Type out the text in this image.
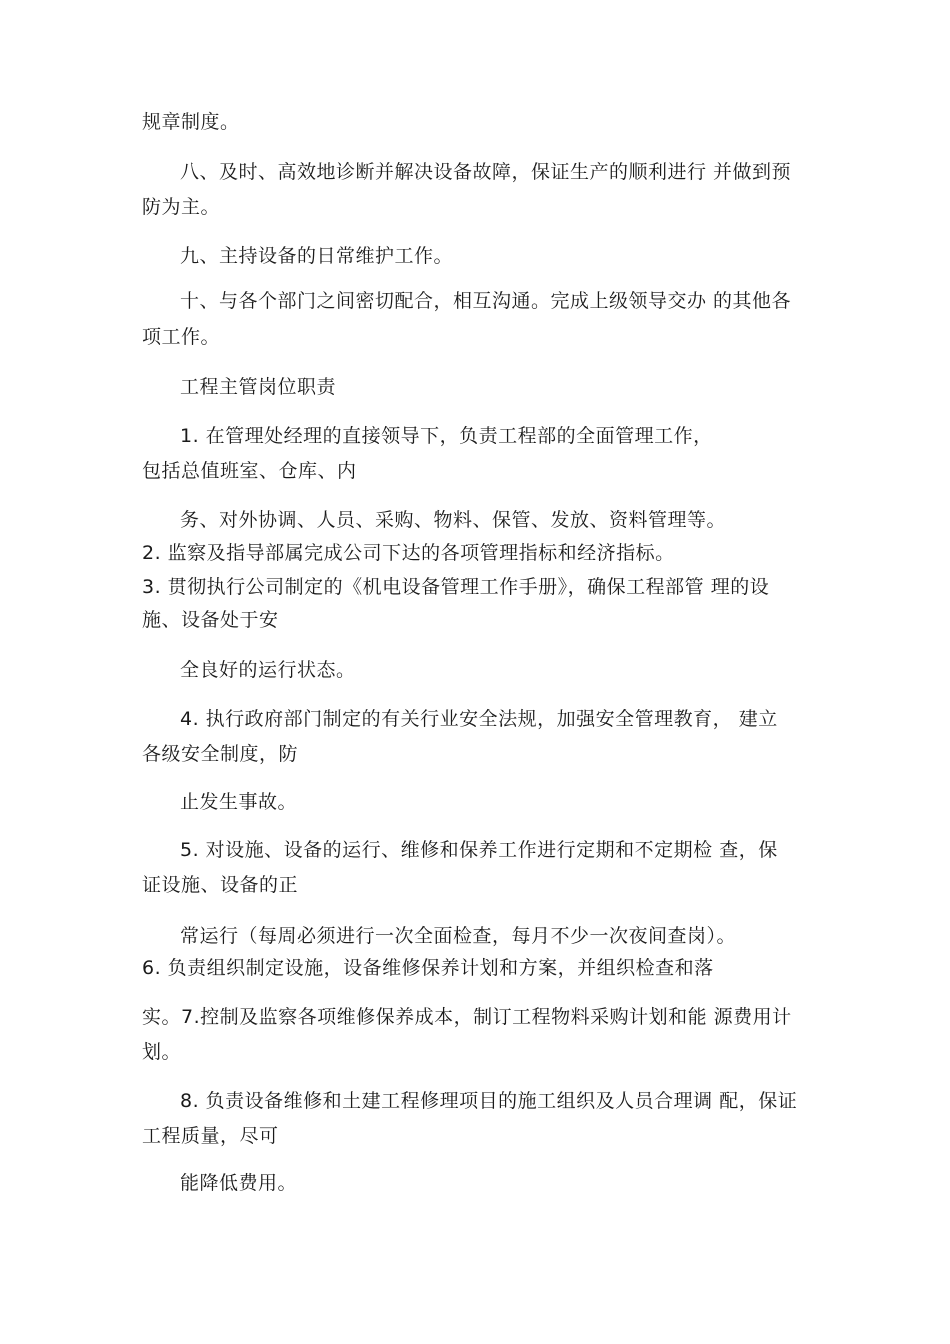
规章制度。
八、及时、高效地诊断并解决设备故障，保证生产的顺利进行 并做到预
防为主。
九、主持设备的日常维护工作。
十、与各个部门之间密切配合，相互沟通。完成上级领导交办 的其他各
项工作。
工程主管岗位职责
1. 在管理处经理的直接领导下，负责工程部的全面管理工作，
包括总值班室、仓库、内
务、对外协调、人员、采购、物料、保管、发放、资料管理等。
2. 监察及指导部属完成公司下达的各项管理指标和经济指标。
3. 贯彻执行公司制定的《机电设备管理工作手册》，确保工程部管 理的设
施、设备处于安
全良好的运行状态。
4. 执行政府部门制定的有关行业安全法规，加强安全管理教育， 建立
各级安全制度，防
止发生事故。
5. 对设施、设备的运行、维修和保养工作进行定期和不定期检 查，保
证设施、设备的正
常运行（每周必须进行一次全面检查，每月不少一次夜间查岗）。
6. 负责组织制定设施，设备维修保养计划和方案，并组织检查和落
实。7.控制及监察各项维修保养成本，制订工程物料采购计划和能 源费用计
划。
8. 负责设备维修和土建工程修理项目的施工组织及人员合理调 配，保证
工程质量，尽可
能降低费用。
